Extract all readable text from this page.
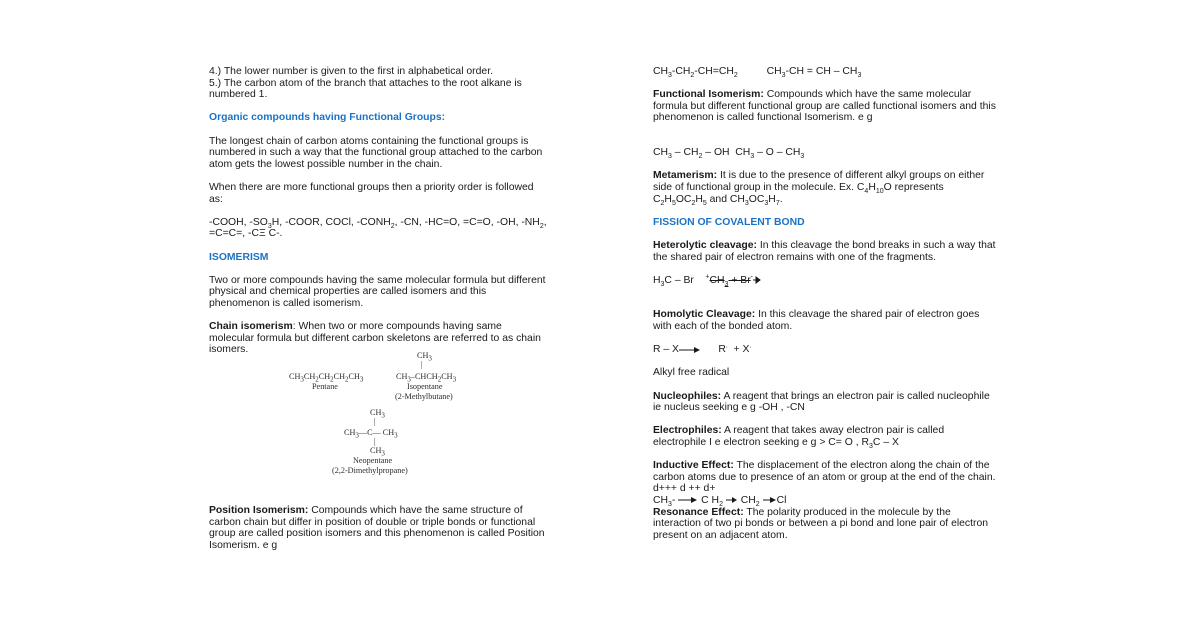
4.) The lower number is given to the first in alphabetical order.

5.) The carbon atom of the branch that attaches to the root alkane is numbered 1.

Organic compounds having Functional Groups:

The longest chain of carbon atoms containing the functional groups is numbered in such a way that the functional group attached to the carbon atom gets the lowest possible number in the chain.

When there are more functional groups then a priority order is followed as:

-COOH, $-SO_3H$, -COOR, COCl, $-CONH_2$, -CN, -HC=O, =C=O, -OH, $-NH_2$, =C=C=, -CΞ C-.

ISOMERISM

Two or more compounds having the same molecular formula but different physical and chemical properties are called isomers and this phenomenon is called isomerism.

Chain isomerism: When two or more compounds having same molecular formula but different carbon skeletons are referred to as chain isomers.

$CH_3CH_2CH_2CH_2CH_3$
Pentane
$CH_3$
|
$CH_3-CHCH_2CH_3$
Isopentane
(2-Methylbutane)
$CH_3$
|
$CH_3—C—$ $CH_3$
|
$CH_3$
Neopentane
(2,2-Dimethylpropane)

Position Isomerism: Compounds which have the same structure of carbon chain but differ in position of double or triple bonds or functional group are called position isomers and this phenomenon is called Position Isomerism. e g

$CH_3-CH_2-CH=CH_2$          $CH_3-CH$ = CH – $CH_3$

Functional Isomerism: Compounds which have the same molecular formula but different functional group are called functional isomers and this phenomenon is called functional Isomerism. e g

$CH_3 - CH_2$ – OH  $CH_3$ – O – $CH_3$

Metamerism: It is due to the presence of different alkyl groups on either side of functional group in the molecule. Ex. $C_4H_{10}O$ represents $C_2H_5OC_2H_5$ and $CH_3OC_3H_7$.

FISSION OF COVALENT BOND

Heterolytic cleavage: In this cleavage the bond breaks in such a way that the shared pair of electron remains with one of the fragments.

$H_3C$ – Br    $^+CH_3 + Br^-$

Homolytic Cleavage: In this cleavage the shared pair of electron goes with each of the bonded atom.

R – X      R.  + X.

Alkyl free radical

Nucleophiles: A reagent that brings an electron pair is called nucleophile ie nucleus seeking e g -OH , -CN

Electrophiles: A reagent that takes away electron pair is called electrophile I e electron seeking e g > C= O , $R_3C$ – X

Inductive Effect: The displacement of the electron along the chain of the carbon atoms due to presence of an atom or group at the end of the chain.

d+++ d ++ d+

$CH_3-$  C $H_2$  $CH_2$ Cl

Resonance Effect: The polarity produced in the molecule by the interaction of two pi bonds or between a pi bond and lone pair of electron present on an adjacent atom.
